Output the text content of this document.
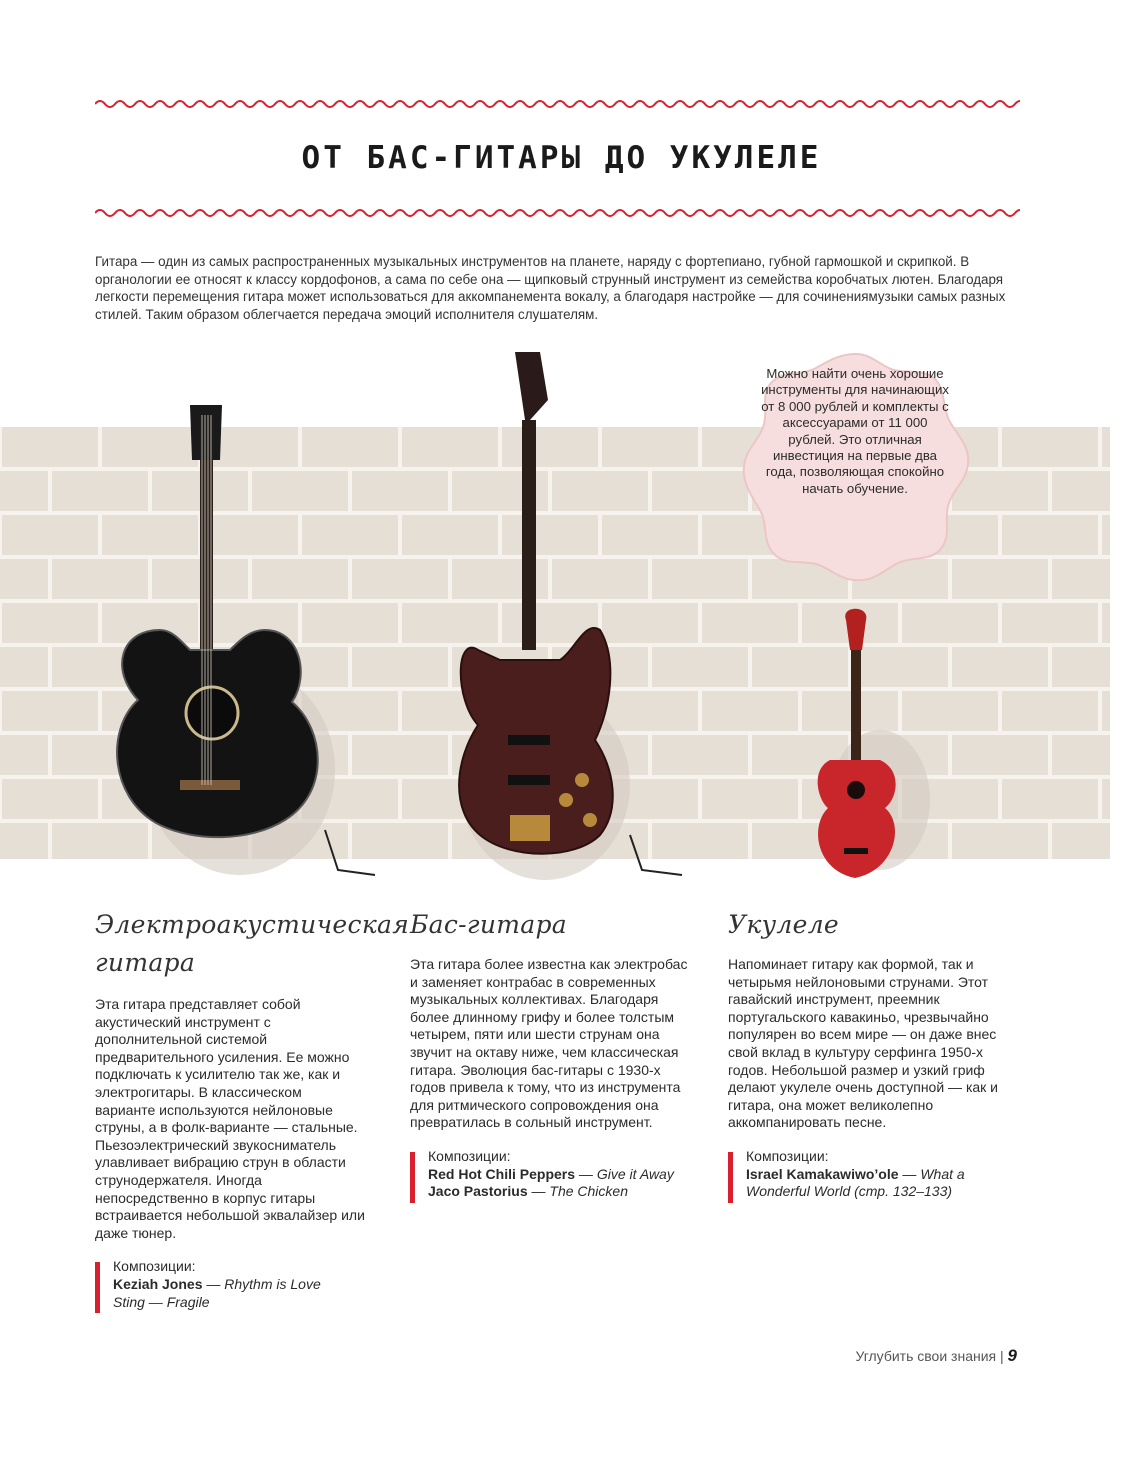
ОТ БАС-ГИТАРЫ ДО УКУЛЕЛЕ

Гитара — один из самых распространенных музыкальных инструментов на планете, наряду с фортепиано, губной гармошкой и скрипкой. В органологии ее относят к классу кордофонов, а сама по себе она — щипковый струнный инструмент из семейства коробчатых лютен. Благодаря легкости перемещения гитара может использоваться для аккомпанемента вокалу, а благодаря настройке — для сочинениямузыки самых разных стилей. Таким образом облегчается передача эмоций исполнителя слушателям.

Можно найти очень хорошие инструменты для начинающих от 8 000 рублей и комплекты с аксессуарами от 11 000 рублей. Это отличная инвестиция на первые два года, позволяющая спокойно начать обучение.
Электроакустическая гитара

Эта гитара представляет собой акустический инструмент с дополнительной системой предварительного усиления. Ее можно подключать к усилителю так же, как и электрогитары. В классическом варианте используются нейлоновые струны, а в фолк-варианте — стальные. Пьезоэлектрический звукосниматель улавливает вибрацию струн в области струнодержателя. Иногда непосредственно в корпус гитары встраивается небольшой эквалайзер или даже тюнер.

Композиции:
Keziah Jones — Rhythm is Love
Sting — Fragile
Бас-гитара

Эта гитара более известна как электробас и заменяет контрабас в современных музыкальных коллективах. Благодаря более длинному грифу и более толстым четырем, пяти или шести струнам она звучит на октаву ниже, чем классическая гитара. Эволюция бас-гитары с 1930-х годов привела к тому, что из инструмента для ритмического сопровождения она превратилась в сольный инструмент.

Композиции:
Red Hot Chili Peppers — Give it Away
Jaco Pastorius — The Chicken
Укулеле

Напоминает гитару как формой, так и четырьмя нейлоновыми струнами. Этот гавайский инструмент, преемник португальского кавакиньо, чрезвычайно популярен во всем мире — он даже внес свой вклад в культуру серфинга 1950-х годов. Небольшой размер и узкий гриф делают укулеле очень доступной — как и гитара, она может великолепно аккомпанировать песне.

Композиции:
Israel Kamakawiwo’ole — What a Wonderful World (стр. 132–133)
Углубить свои знания | 9
